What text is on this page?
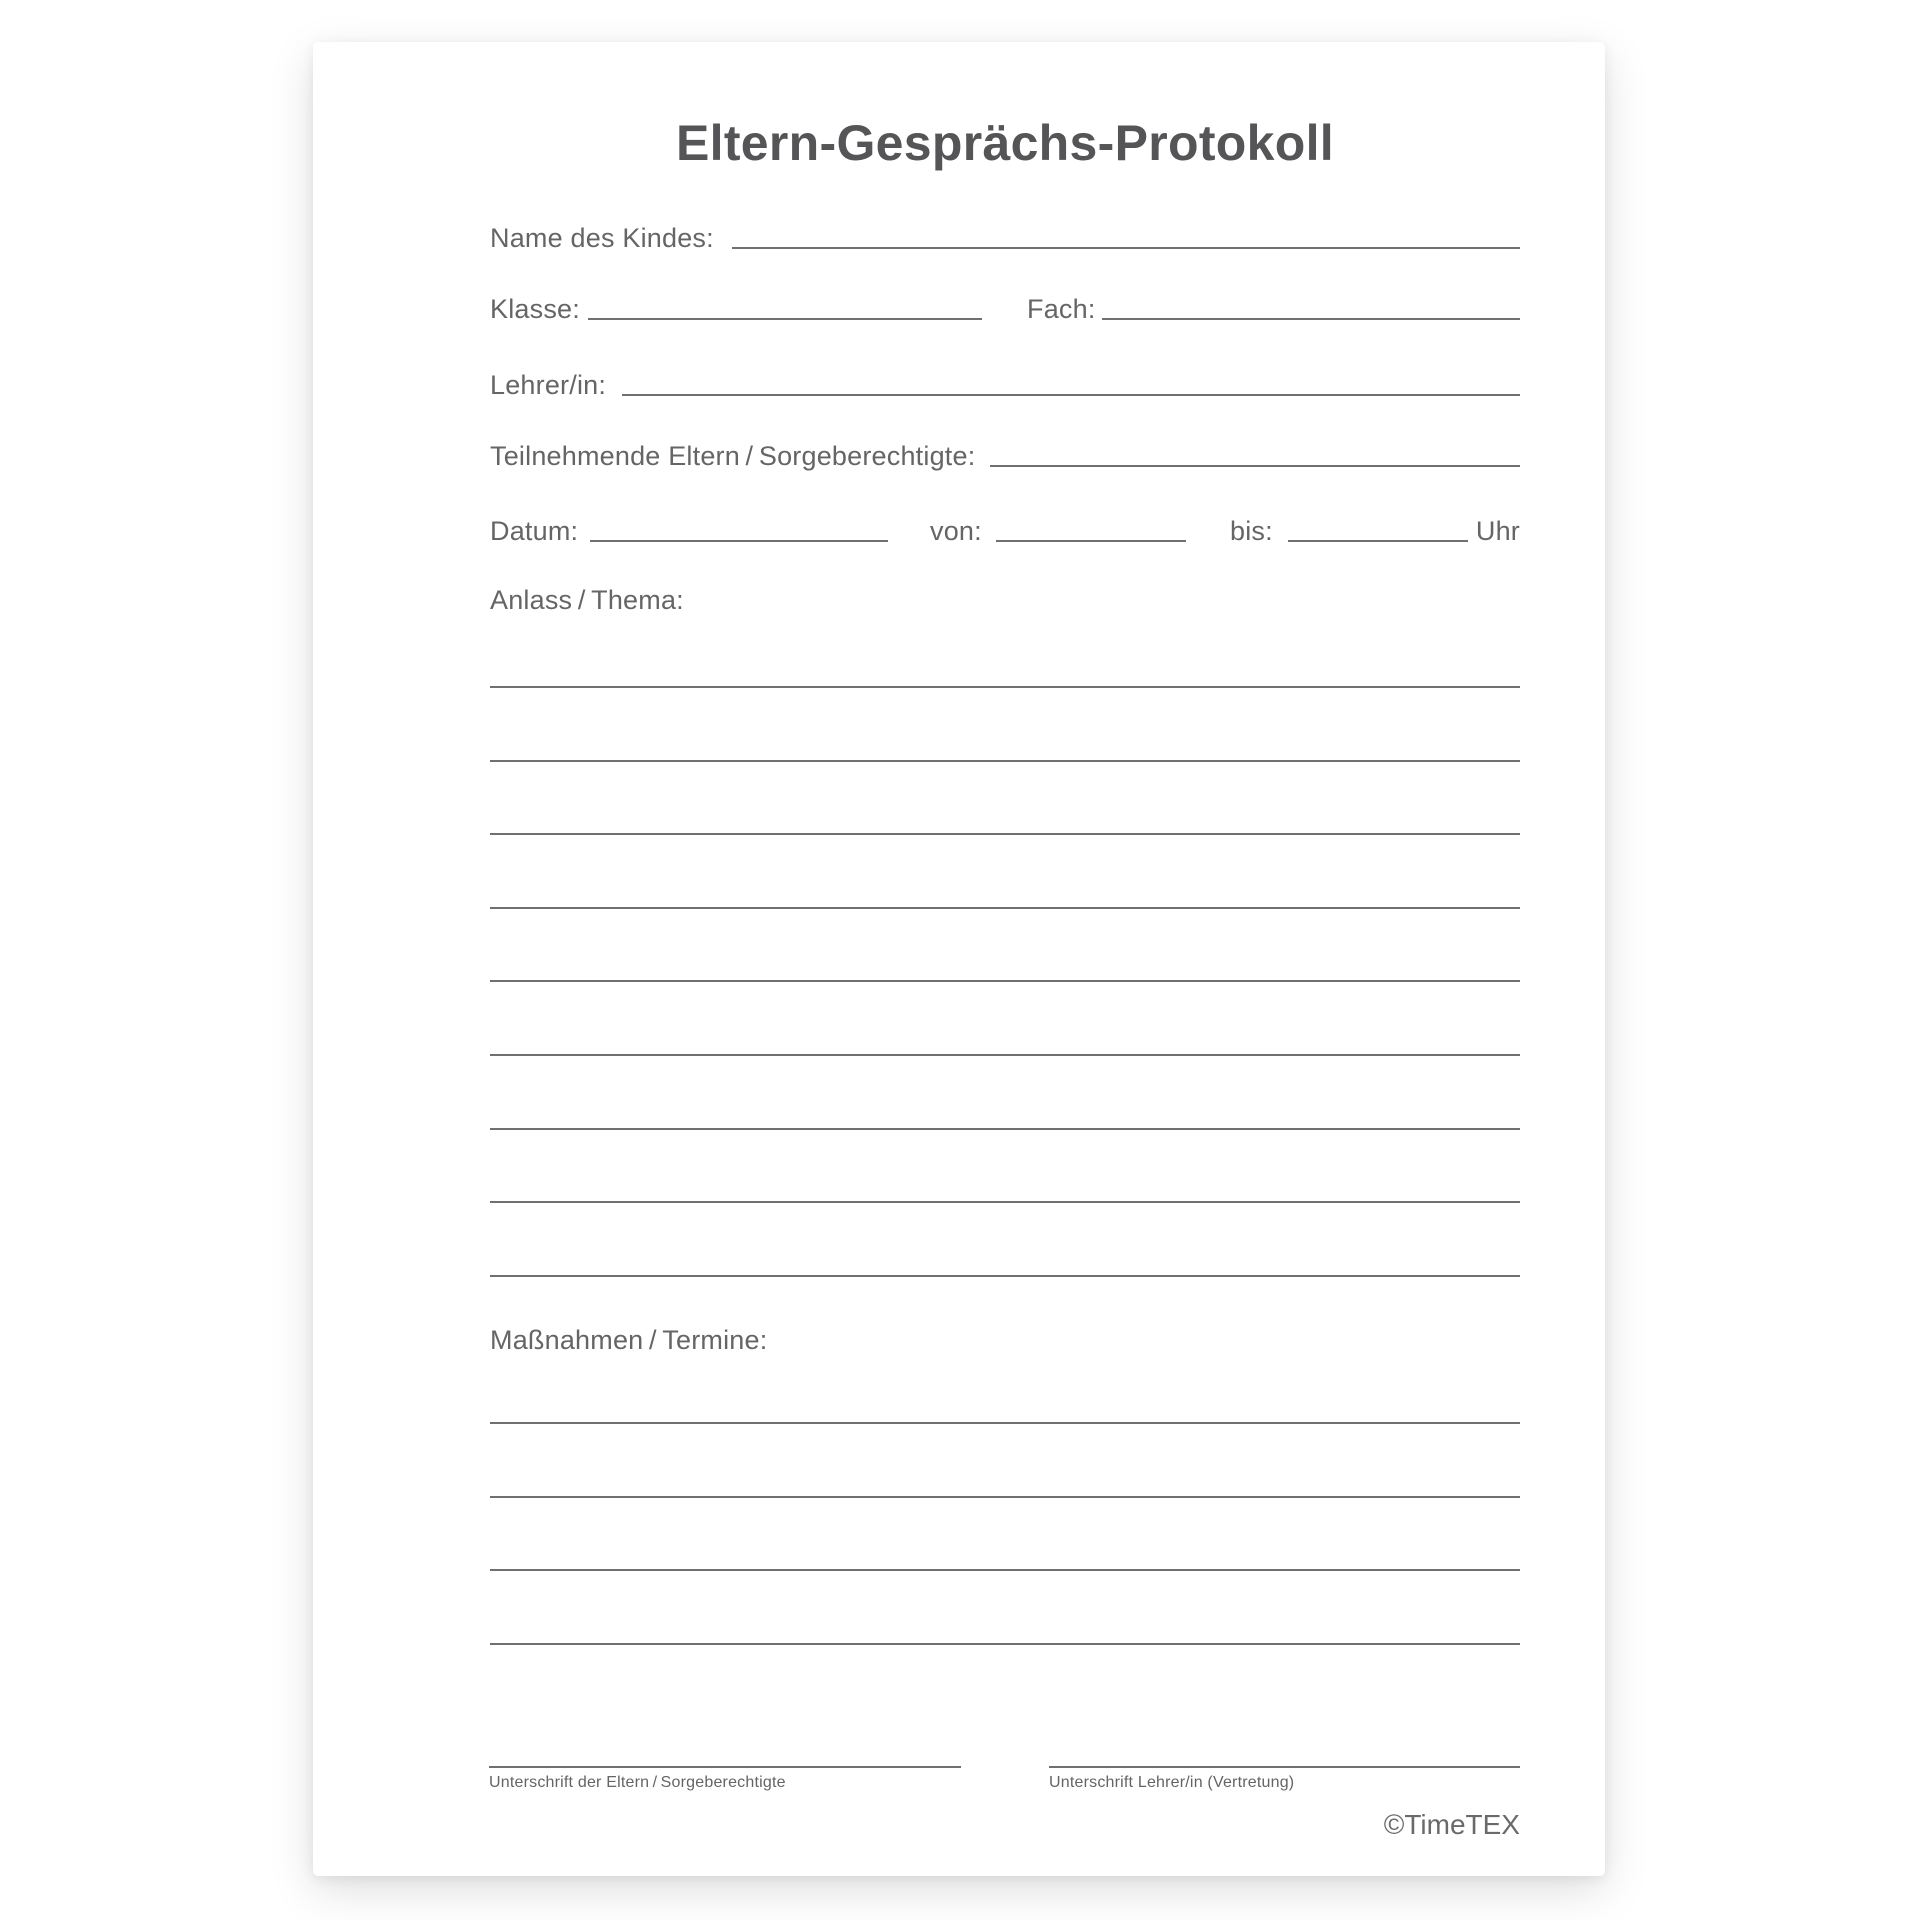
Eltern-Gesprächs-Protokoll
Name des Kindes:
Klasse:	Fach:
Lehrer/in:
Teilnehmende Eltern / Sorgeberechtigte:
Datum:	von:	bis:	Uhr
Anlass / Thema:
Maßnahmen / Termine:
Unterschrift der Eltern / Sorgeberechtigte	Unterschrift Lehrer/in (Vertretung)
©TimeTEX
